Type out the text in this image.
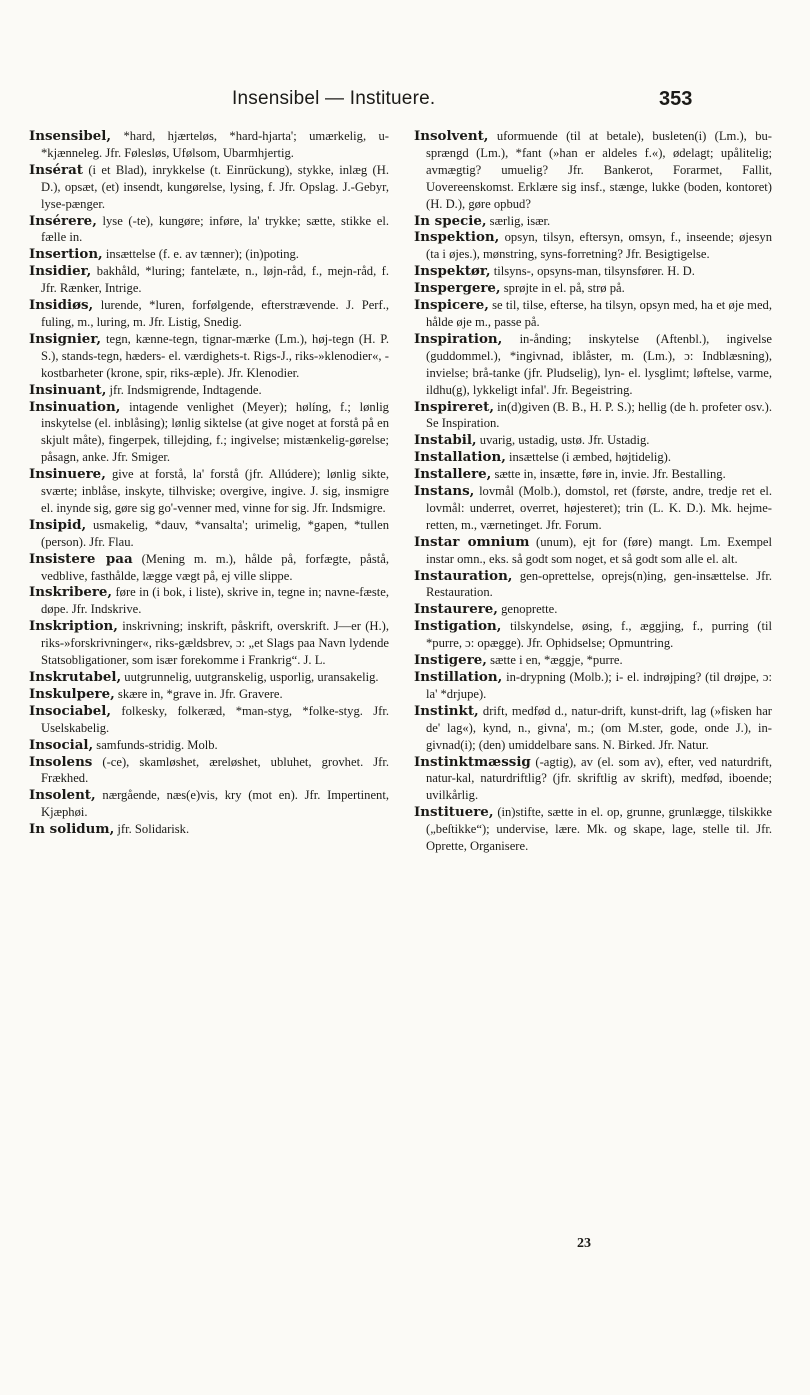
Insensibel — Instituere.	353

Insensibel, *hard, hjærteløs, *hard-hjarta'; umærkelig, u-*kjænneleg. Jfr. Følesløs, Ufølsom, Ubarmhjertig.

Insérat (i et Blad), inrykkelse (t. Einrückung), stykke, inlæg (H. D.), opsæt, (et) insendt, kungørelse, lysing, f. Jfr. Opslag. J.-Gebyr, lyse-pænger.

Insérere, lyse (-te), kungøre; inføre, la' trykke; sætte, stikke el. fælle in.

Insertion, insættelse (f. e. av tænner); (in)poting.

Insidier, bakhåld, *luring; fantelæte, n., løjn-råd, f., mejn-råd, f. Jfr. Rænker, Intrige.

Insidiøs, lurende, *luren, forfølgende, efterstrævende. J. Perf., fuling, m., luring, m. Jfr. Listig, Snedig.

Insignier, tegn, kænne-tegn, tignar-mærke (Lm.), høj-tegn (H. P. S.), stands-tegn, hæders- el. værdighets-t. Rigs-J., riks-»klenodier«, -kostbarheter (krone, spir, riks-æple). Jfr. Klenodier.

Insinuant, jfr. Indsmigrende, Indtagende.

Insinuation, intagende venlighet (Meyer); hølíng, f.; lønlig inskytelse (el. inblåsing); lønlig siktelse (at give noget at forstå på en skjult måte), fingerpek, tillejding, f.; ingivelse; mistænkelig-gørelse; påsagn, anke. Jfr. Smiger.

Insinuere, give at forstå, la' forstå (jfr. Allúdere); lønlig sikte, sværte; inblåse, inskyte, tilhviske; overgive, ingive. J. sig, insmigre el. inynde sig, gøre sig go'-venner med, vinne for sig. Jfr. Indsmigre.

Insipid, usmakelig, *dauv, *vansalta'; urimelig, *gapen, *tullen (person). Jfr. Flau.

Insistere paa (Mening m. m.), hålde på, forfægte, påstå, vedblive, fasthålde, lægge vægt på, ej ville slippe.

Inskribere, føre in (i bok, i liste), skrive in, tegne in; navne-fæste, døpe. Jfr. Indskrive.

Inskription, inskrivning; inskrift, påskrift, overskrift. J—er (H.), riks-»forskrivninger«, riks-gældsbrev, ɔ: „et Slags paa Navn lydende Statsobligationer, som især forekomme i Frankrig“. J. L.

Inskrutabel, uutgrunnelig, uutgranskelig, usporlig, uransakelig.

Inskulpere, skære in, *grave in. Jfr. Gravere.

Insociabel, folkesky, folkeræd, *man-styg, *folke-styg. Jfr. Uselskabelig.

Insocial, samfunds-stridig. Molb.

Insolens (-ce), skamløshet, æreløshet, ubluhet, grovhet. Jfr. Frækhed.

Insolent, nærgående, næs(e)vis, kry (mot en). Jfr. Impertinent, Kjæphøi.

In solidum, jfr. Solidarisk.

Insolvent, uformuende (til at betale), busleten(i) (Lm.), bu-sprængd (Lm.), *fant (»han er aldeles f.«), ødelagt; upålitelig; avmægtig? umuelig? Jfr. Bankerot, Forarmet, Fallit, Uovereenskomst. Erklære sig insf., stænge, lukke (boden, kontoret) (H. D.), gøre opbud?

In specie, særlig, især.

Inspektion, opsyn, tilsyn, eftersyn, omsyn, f., inseende; øjesyn (ta i øjes.), mønstring, syns-forretning? Jfr. Besigtigelse.

Inspektør, tilsyns-, opsyns-man, tilsynsfører. H. D.

Inspergere, sprøjte in el. på, strø på.

Inspicere, se til, tilse, efterse, ha tilsyn, opsyn med, ha et øje med, hålde øje m., passe på.

Inspiration, in-ånding; inskytelse (Aftenbl.), ingivelse (guddommel.), *ingivnad, iblåster, m. (Lm.), ɔ: Indblæsning), invielse; brå-tanke (jfr. Pludselig), lyn- el. lysglimt; løftelse, varme, ildhu(g), lykkeligt infal'. Jfr. Begeistring.

Inspireret, in(d)given (B. B., H. P. S.); hellig (de h. profeter osv.). Se Inspiration.

Instabil, uvarig, ustadig, ustø. Jfr. Ustadig.

Installation, insættelse (i æmbed, højtidelig).

Installere, sætte in, insætte, føre in, invie. Jfr. Bestalling.

Instans, lovmål (Molb.), domstol, ret (første, andre, tredje ret el. lovmål: underret, overret, højesteret); trin (L. K. D.). Mk. hejme-retten, m., værnetinget. Jfr. Forum.

Instar omnium (unum), ejt for (føre) mangt. Lm. Exempel instar omn., eks. så godt som noget, et så godt som alle el. alt.

Instauration, gen-oprettelse, oprejs(n)ing, gen-insættelse. Jfr. Restauration.

Instaurere, genoprette.

Instigation, tilskyndelse, øsing, f., æggjing, f., purring (til *purre, ɔ: opægge). Jfr. Ophidselse; Opmuntring.

Instigere, sætte i en, *æggje, *purre.

Instillation, in-drypning (Molb.); i- el. indrøjping? (til drøjpe, ɔ: la' *drjupe).

Instinkt, drift, medfød d., natur-drift, kunst-drift, lag (»fisken har de' lag«), kynd, n., givna', m.; (om M.ster, gode, onde J.), in-givnad(i); (den) umiddelbare sans. N. Birked. Jfr. Natur.

Instinktmæssig (-agtig), av (el. som av), efter, ved naturdrift, natur-kal, naturdriftlig? (jfr. skriftlig av skrift), medfød, iboende; uvilkårlig.

Instituere, (in)stifte, sætte in el. op, grunne, grunlægge, tilskikke („beſtikke“); undervise, lære. Mk. og skape, lage, stelle til. Jfr. Oprette, Organisere.

23
